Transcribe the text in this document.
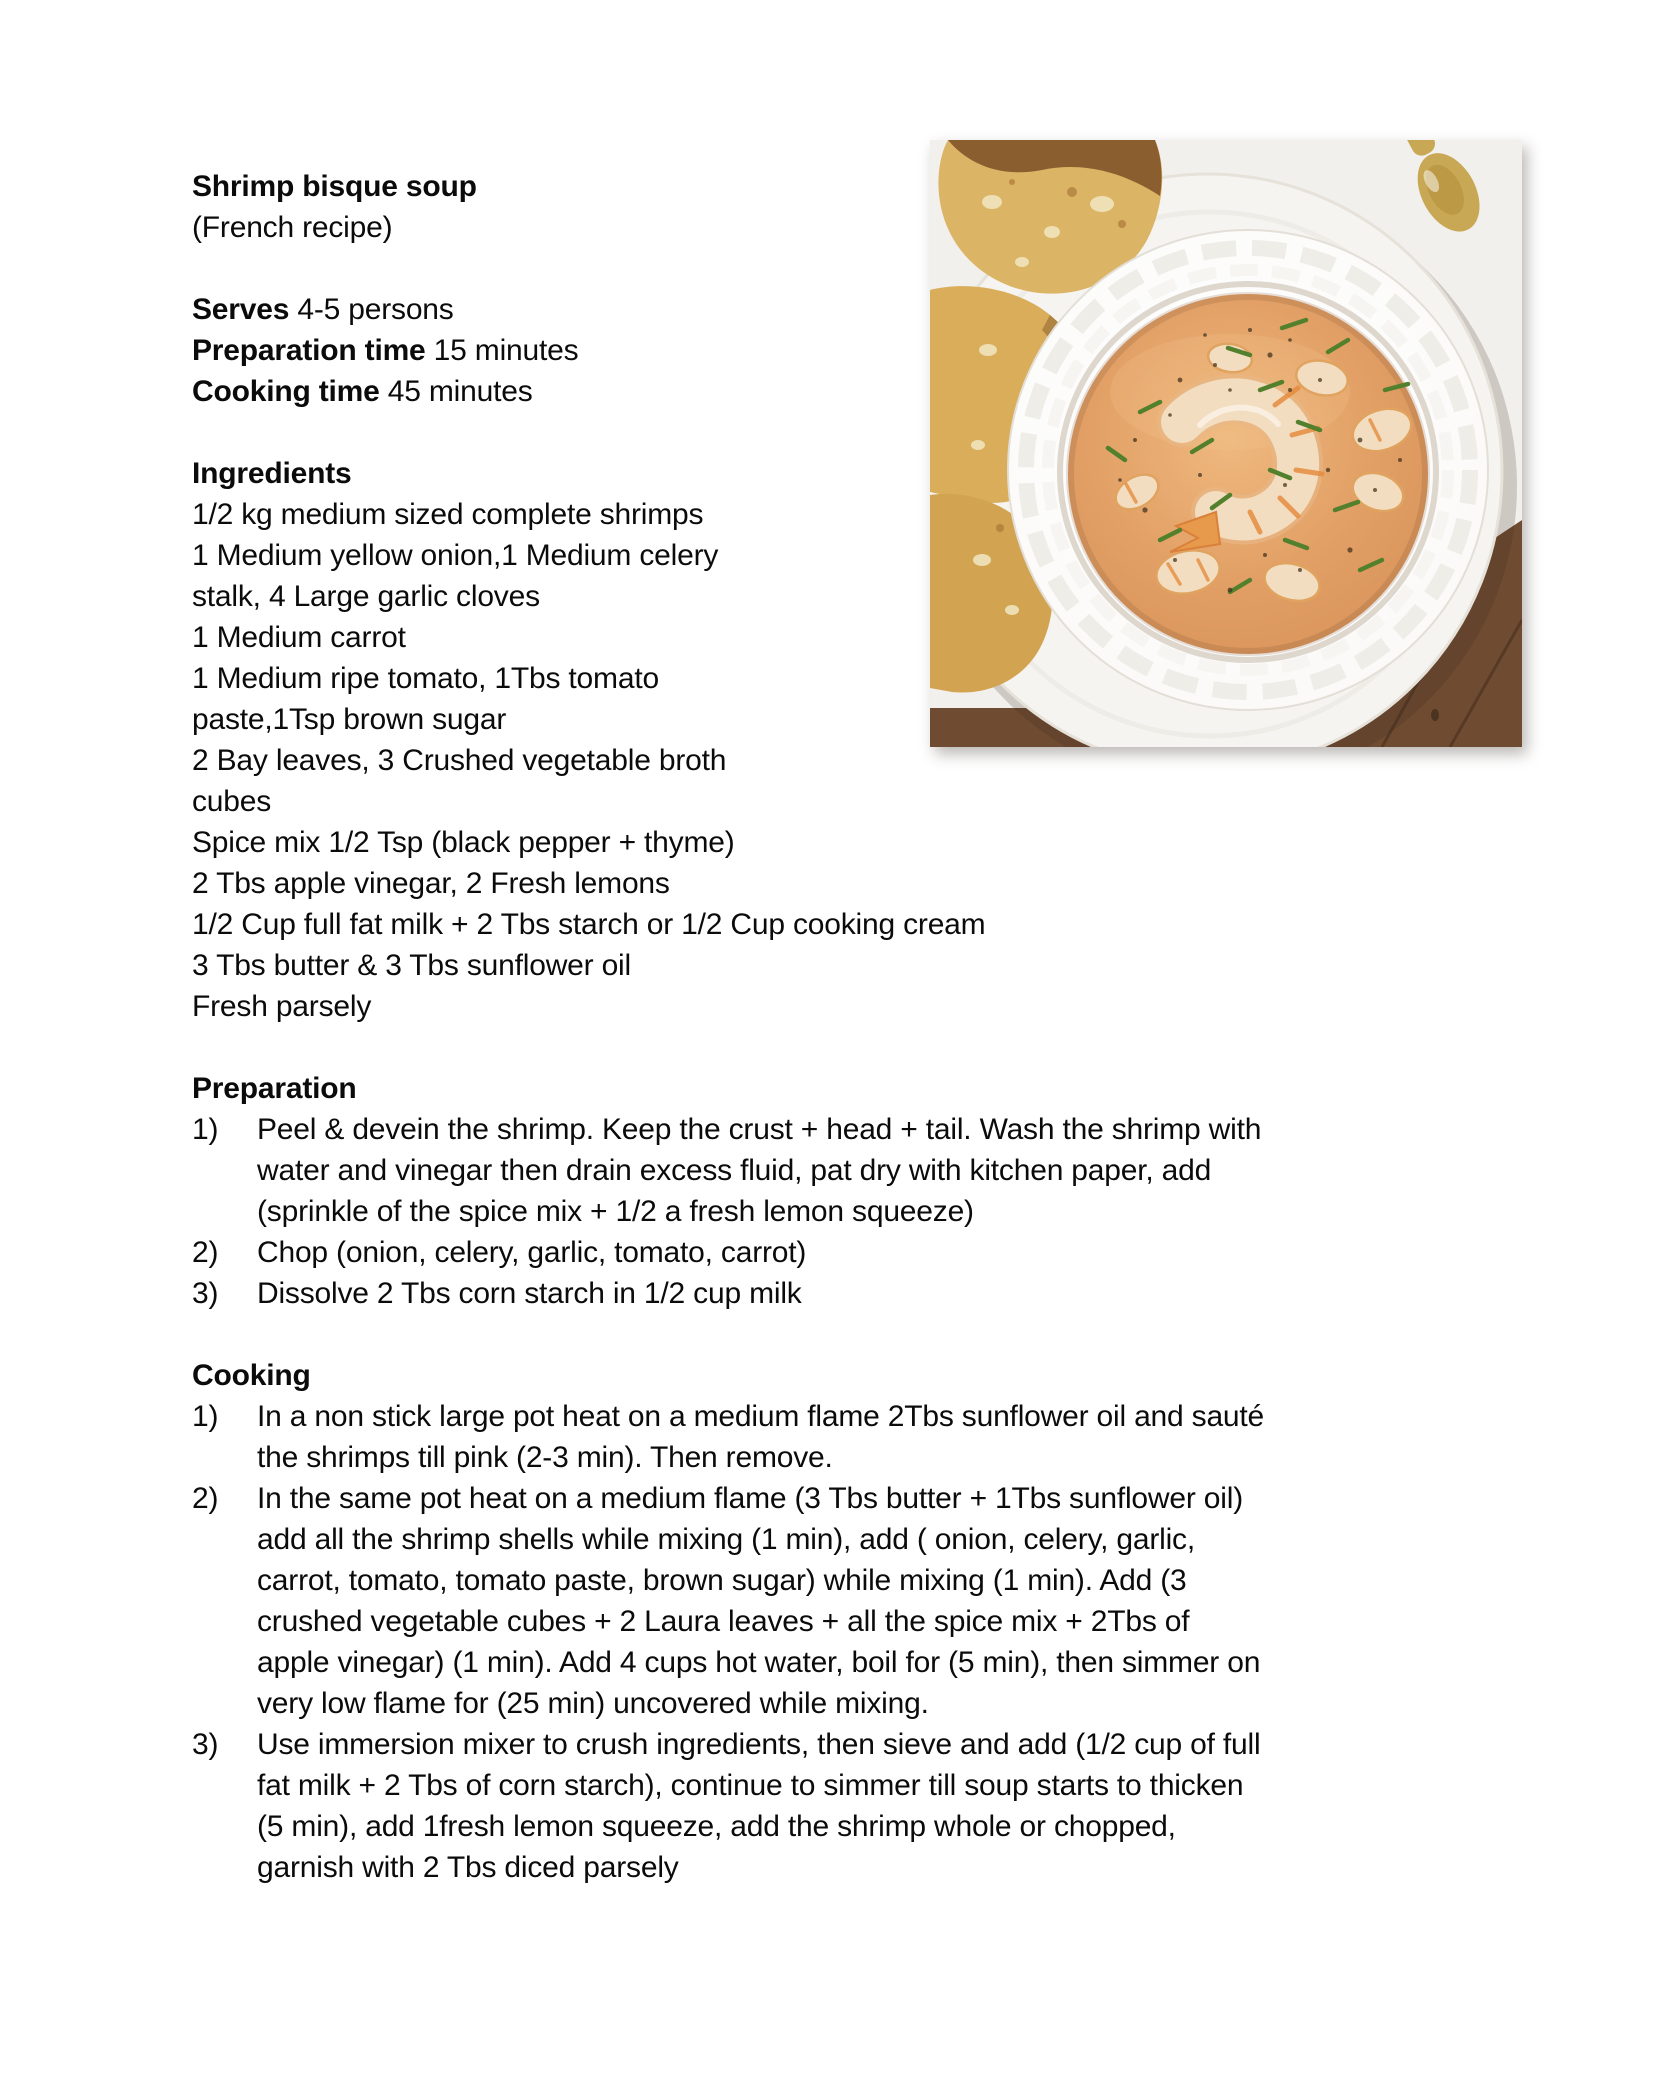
Shrimp bisque soup
(French recipe)
Serves 4-5 persons
Preparation time 15 minutes
Cooking time 45 minutes
Ingredients
1/2 kg medium sized complete shrimps
1 Medium yellow onion,1 Medium celery
stalk, 4 Large garlic cloves
1 Medium carrot
1 Medium ripe tomato, 1Tbs tomato
paste,1Tsp brown sugar
2 Bay leaves, 3 Crushed vegetable broth
cubes
Spice mix 1/2 Tsp (black pepper + thyme)
2 Tbs apple vinegar, 2 Fresh lemons
1/2 Cup full fat milk + 2 Tbs starch or 1/2 Cup cooking cream
3 Tbs butter & 3 Tbs sunflower oil
Fresh parsely
Preparation
1)	Peel & devein the shrimp. Keep the crust + head + tail. Wash the shrimp with
water and vinegar then drain excess fluid, pat dry with kitchen paper, add
(sprinkle of the spice mix + 1/2 a fresh lemon squeeze)
2)	Chop (onion, celery, garlic, tomato, carrot)
3)	Dissolve 2 Tbs corn starch in 1/2 cup milk
Cooking
1)	In a non stick large pot heat on a medium flame 2Tbs sunflower oil and sauté
the shrimps till pink (2-3 min). Then remove.
2)	In the same pot heat on a medium flame (3 Tbs butter + 1Tbs sunflower oil)
add all the shrimp shells while mixing (1 min), add ( onion, celery, garlic,
carrot, tomato, tomato paste, brown sugar) while mixing (1 min). Add (3
crushed vegetable cubes + 2 Laura leaves + all the spice mix + 2Tbs of
apple vinegar) (1 min). Add 4 cups hot water, boil for (5 min), then simmer on
very low flame for (25 min) uncovered while mixing.
3)	Use immersion mixer to crush ingredients, then sieve and add (1/2 cup of full
fat milk + 2 Tbs of corn starch), continue to simmer till soup starts to thicken
(5 min), add 1fresh lemon squeeze, add the shrimp whole or chopped,
garnish with 2 Tbs diced parsely
